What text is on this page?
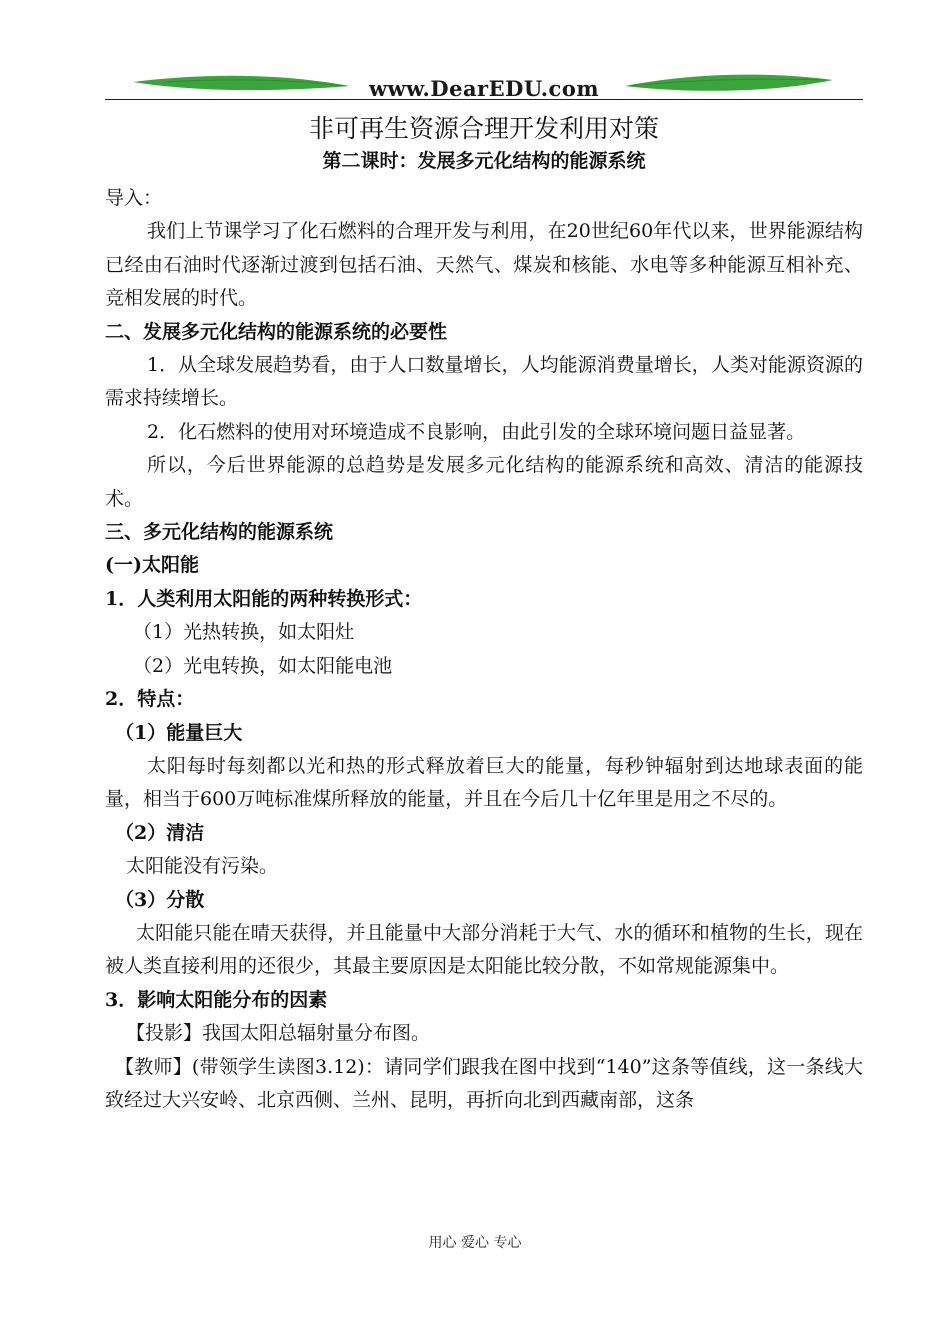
www.DearEDU.com
非可再生资源合理开发利用对策
第二课时：发展多元化结构的能源系统

导入：

我们上节课学习了化石燃料的合理开发与利用，在20世纪60年代以来，世界能源结构已经由石油时代逐渐过渡到包括石油、天然气、煤炭和核能、水电等多种能源互相补充、竞相发展的时代。

二、发展多元化结构的能源系统的必要性

1．从全球发展趋势看，由于人口数量增长，人均能源消费量增长，人类对能源资源的需求持续增长。

2．化石燃料的使用对环境造成不良影响，由此引发的全球环境问题日益显著。

所以，今后世界能源的总趋势是发展多元化结构的能源系统和高效、清洁的能源技术。

三、多元化结构的能源系统

(一)太阳能

1．人类利用太阳能的两种转换形式：

（1）光热转换，如太阳灶

（2）光电转换，如太阳能电池

2．特点：

（1）能量巨大

太阳每时每刻都以光和热的形式释放着巨大的能量，每秒钟辐射到达地球表面的能量，相当于600万吨标准煤所释放的能量，并且在今后几十亿年里是用之不尽的。

（2）清洁

太阳能没有污染。

（3）分散

太阳能只能在晴天获得，并且能量中大部分消耗于大气、水的循环和植物的生长，现在被人类直接利用的还很少，其最主要原因是太阳能比较分散，不如常规能源集中。

3．影响太阳能分布的因素

【投影】我国太阳总辐射量分布图。

【教师】(带领学生读图3.12)：请同学们跟我在图中找到“140”这条等值线，这一条线大致经过大兴安岭、北京西侧、兰州、昆明，再折向北到西藏南部，这条

用心 爱心 专心
